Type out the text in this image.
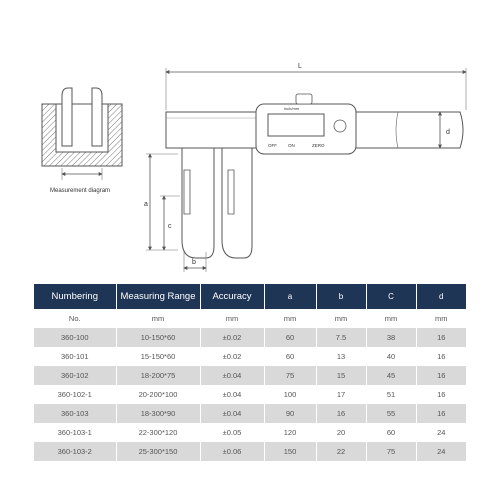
Measurement diagram
L
d
inch/mm
OFF ON	ZERO
a
c
b
Numbering	Measuring Range	Accuracy	a	b	C	d
No.	mm	mm	mm	mm	mm	mm
360-100	10-150*60	±0.02	60	7.5	38	16
360-101	15-150*60	±0.02	60	13	40	16
360-102	18-200*75	±0.04	75	15	45	16
360-102-1	20-200*100	±0.04	100	17	51	16
360-103	18-300*90	±0.04	90	16	55	16
360-103-1	22-300*120	±0.05	120	20	60	24
360-103-2	25-300*150	±0.06	150	22	75	24
